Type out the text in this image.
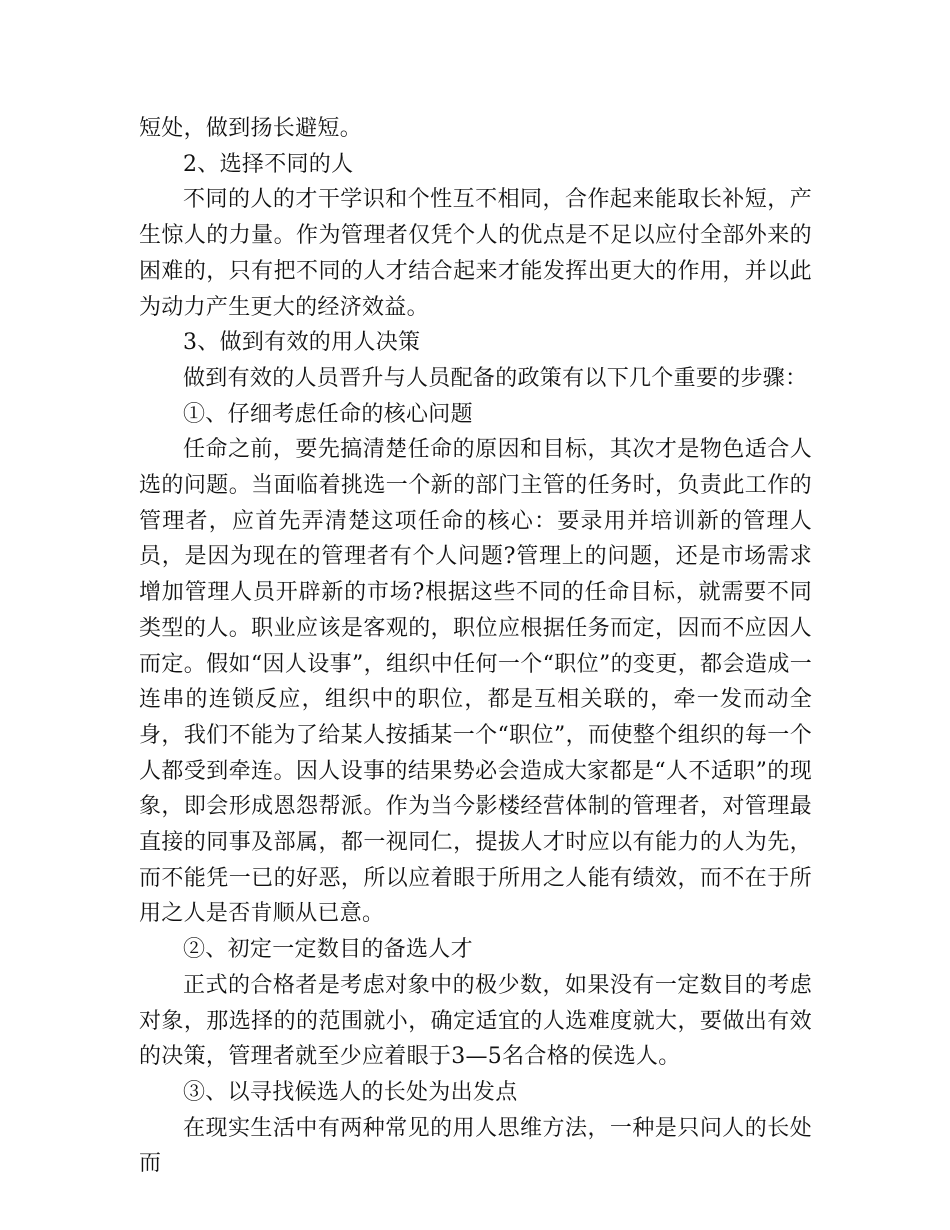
短处，做到扬长避短。

2、选择不同的人

不同的人的才干学识和个性互不相同，合作起来能取长补短，产生惊人的力量。作为管理者仅凭个人的优点是不足以应付全部外来的困难的，只有把不同的人才结合起来才能发挥出更大的作用，并以此为动力产生更大的经济效益。

3、做到有效的用人决策

做到有效的人员晋升与人员配备的政策有以下几个重要的步骤：

①、仔细考虑任命的核心问题

任命之前，要先搞清楚任命的原因和目标，其次才是物色适合人选的问题。当面临着挑选一个新的部门主管的任务时，负责此工作的管理者，应首先弄清楚这项任命的核心：要录用并培训新的管理人员，是因为现在的管理者有个人问题?管理上的问题，还是市场需求增加管理人员开辟新的市场?根据这些不同的任命目标，就需要不同类型的人。职业应该是客观的，职位应根据任务而定，因而不应因人而定。假如“因人设事”，组织中任何一个“职位”的变更，都会造成一连串的连锁反应，组织中的职位，都是互相关联的，牵一发而动全身，我们不能为了给某人按插某一个“职位”，而使整个组织的每一个人都受到牵连。因人设事的结果势必会造成大家都是“人不适职”的现象，即会形成恩怨帮派。作为当今影楼经营体制的管理者，对管理最直接的同事及部属，都一视同仁，提拔人才时应以有能力的人为先，而不能凭一已的好恶，所以应着眼于所用之人能有绩效，而不在于所用之人是否肯顺从已意。

②、初定一定数目的备选人才

正式的合格者是考虑对象中的极少数，如果没有一定数目的考虑对象，那选择的的范围就小，确定适宜的人选难度就大，要做出有效的决策，管理者就至少应着眼于3—5名合格的侯选人。

③、以寻找候选人的长处为出发点

在现实生活中有两种常见的用人思维方法，一种是只问人的长处而
